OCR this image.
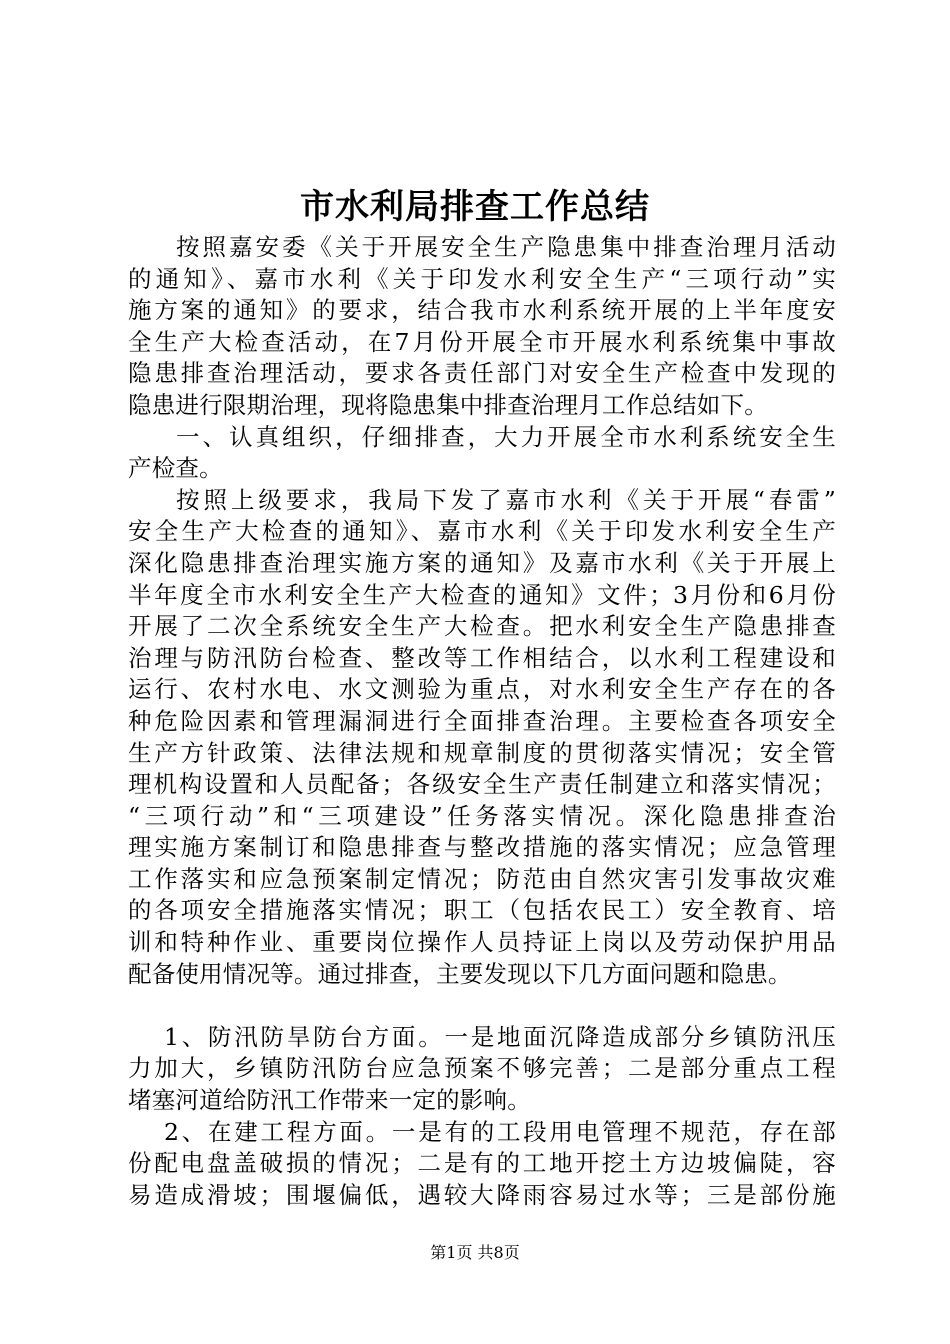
市水利局排查工作总结
按照嘉安委《关于开展安全生产隐患集中排查治理月活动
的通知》、嘉市水利《关于印发水利安全生产“三项行动”实
施方案的通知》的要求，结合我市水利系统开展的上半年度安
全生产大检查活动，在7月份开展全市开展水利系统集中事故
隐患排查治理活动，要求各责任部门对安全生产检查中发现的
隐患进行限期治理，现将隐患集中排查治理月工作总结如下。
一、认真组织，仔细排查，大力开展全市水利系统安全生
产检查。
按照上级要求，我局下发了嘉市水利《关于开展“春雷”
安全生产大检查的通知》、嘉市水利《关于印发水利安全生产
深化隐患排查治理实施方案的通知》及嘉市水利《关于开展上
半年度全市水利安全生产大检查的通知》文件；3月份和6月份
开展了二次全系统安全生产大检查。把水利安全生产隐患排查
治理与防汛防台检查、整改等工作相结合，以水利工程建设和
运行、农村水电、水文测验为重点，对水利安全生产存在的各
种危险因素和管理漏洞进行全面排查治理。主要检查各项安全
生产方针政策、法律法规和规章制度的贯彻落实情况；安全管
理机构设置和人员配备；各级安全生产责任制建立和落实情况；
“三项行动”和“三项建设”任务落实情况。深化隐患排查治
理实施方案制订和隐患排查与整改措施的落实情况；应急管理
工作落实和应急预案制定情况；防范由自然灾害引发事故灾难
的各项安全措施落实情况；职工（包括农民工）安全教育、培
训和特种作业、重要岗位操作人员持证上岗以及劳动保护用品
配备使用情况等。通过排查，主要发现以下几方面问题和隐患。
1、防汛防旱防台方面。一是地面沉降造成部分乡镇防汛压
力加大，乡镇防汛防台应急预案不够完善；二是部分重点工程
堵塞河道给防汛工作带来一定的影响。
2、在建工程方面。一是有的工段用电管理不规范，存在部
份配电盘盖破损的情况；二是有的工地开挖土方边坡偏陡，容
易造成滑坡；围堰偏低，遇较大降雨容易过水等；三是部份施
第1页 共8页
